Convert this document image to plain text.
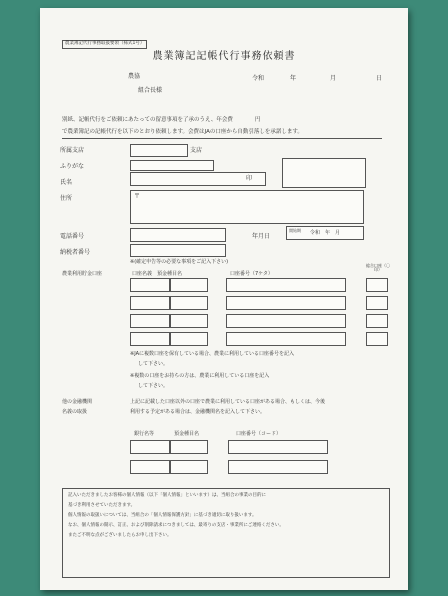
農業簿記代行事務取扱要領（様式1号）
農業簿記記帳代行事務依頼書
農協
組合長様
令和	年	月	日
別紙、記帳代行をご依頼にあたっての留意事項を了承のうえ、年会費　　　　円
で農業簿記の記帳代行を以下のとおり依頼します。会費はJAの口座から自動引落しを承諾します。
所属支店	支店
ふりがな
氏名
印
住所	〒
電話番号	年月日
開始期 令和　年　月
納税者番号
※(確定申告等の必要な事項をご記入下さい)
農業利用貯金口座	口座名義　預金種目名	口座番号（7ケタ）
総合口座（〇印）
※JAに複数口座を保有している場合、農業に利用している口座番号を記入
して下さい。
※複数の口座をお持ちの方は、農業に利用している口座を記入
して下さい。
他の金融機関
名義の取扱
上記に記載した口座以外の口座で農業に利用している口座がある場合、もしくは、今後
利用する予定がある場合は、金融機関名を記入して下さい。
銀行名等	預金種目名	口座番号（コード）
記入いただきましたお客様の個人情報（以下「個人情報」といいます）は、当組合の事業の目的に
基づき利用させていただきます。
個人情報の取扱いについては、当組合の「個人情報保護方針」に基づき適切に取り扱います。
なお、個人情報の開示、訂正、および削除請求につきましては、最寄りの支店・事業所にご連絡ください。
またご不明な点がございましたらお申し出下さい。
